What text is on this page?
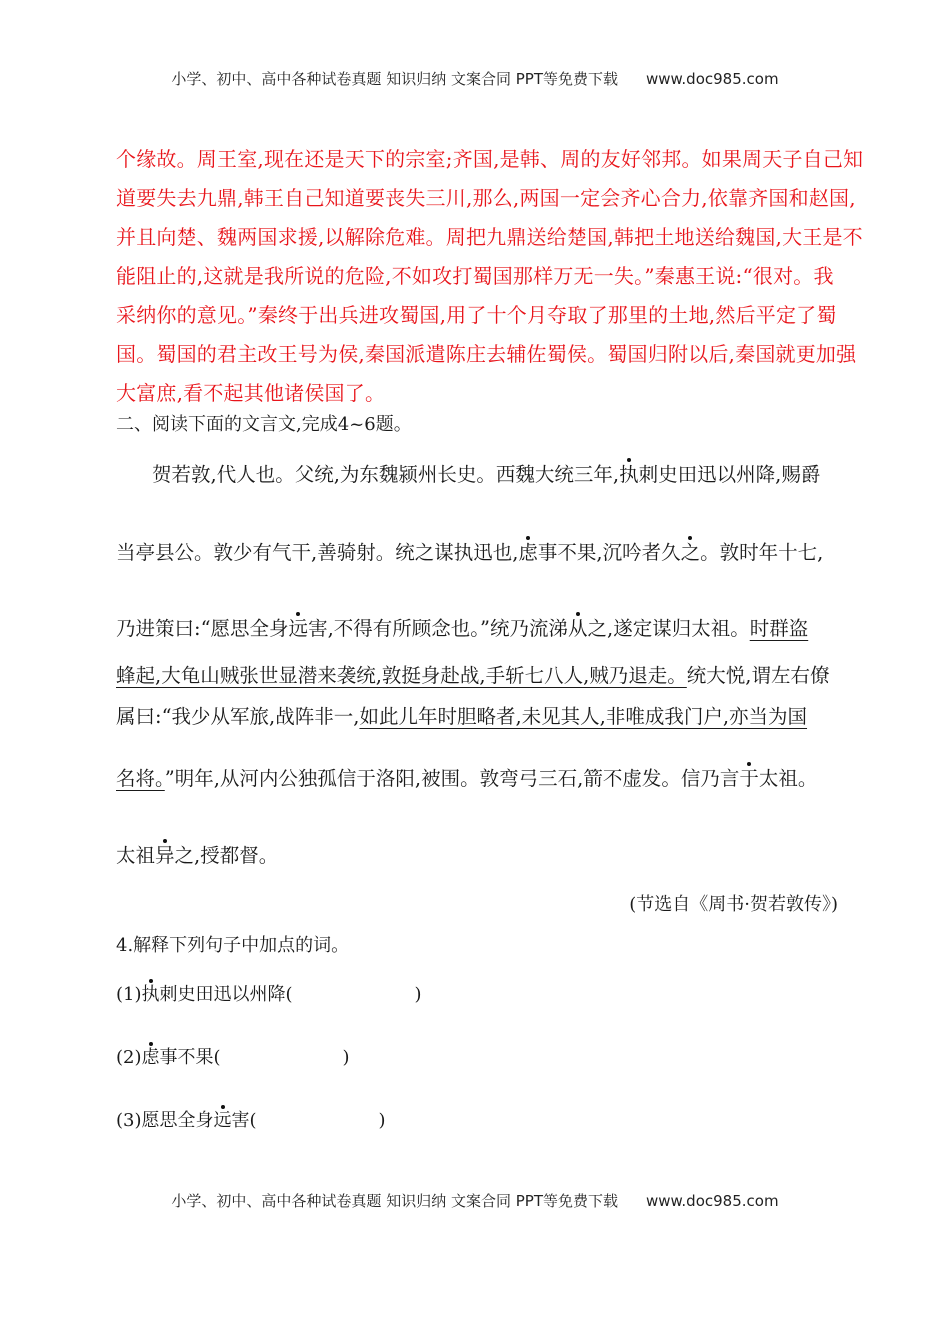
小学、初中、高中各种试卷真题 知识归纳 文案合同 PPT等免费下载 www.doc985.com

个缘故。周王室,现在还是天下的宗室;齐国,是韩、周的友好邻邦。如果周天子自己知

道要失去九鼎,韩王自己知道要丧失三川,那么,两国一定会齐心合力,依靠齐国和赵国,

并且向楚、魏两国求援,以解除危难。周把九鼎送给楚国,韩把土地送给魏国,大王是不

能阻止的,这就是我所说的危险,不如攻打蜀国那样万无一失。”秦惠王说:“很对。我

采纳你的意见。”秦终于出兵进攻蜀国,用了十个月夺取了那里的土地,然后平定了蜀

国。蜀国的君主改王号为侯,秦国派遣陈庄去辅佐蜀侯。蜀国归附以后,秦国就更加强

大富庶,看不起其他诸侯国了。

二、阅读下面的文言文,完成4~6题。
贺若敦,代人也。父统,为东魏颍州长史。西魏大统三年,执刺史田迅以州降,赐爵
当亭县公。敦少有气干,善骑射。统之谋执迅也,虑事不果,沉吟者久之。敦时年十七,
乃进策曰:“愿思全身远害,不得有所顾念也。”统乃流涕从之,遂定谋归太祖。时群盗
蜂起,大龟山贼张世显潜来袭统,敦挺身赴战,手斩七八人,贼乃退走。统大悦,谓左右僚
属曰:“我少从军旅,战阵非一,如此儿年时胆略者,未见其人,非唯成我门户,亦当为国
名将。”明年,从河内公独孤信于洛阳,被围。敦弯弓三石,箭不虚发。信乃言于太祖。
太祖异之,授都督。
(节选自《周书·贺若敦传》)
4.解释下列句子中加点的词。
(1)执刺史田迅以州降(	)
(2)虑事不果(	)
(3)愿思全身远害(	)
小学、初中、高中各种试卷真题 知识归纳 文案合同 PPT等免费下载 www.doc985.com
